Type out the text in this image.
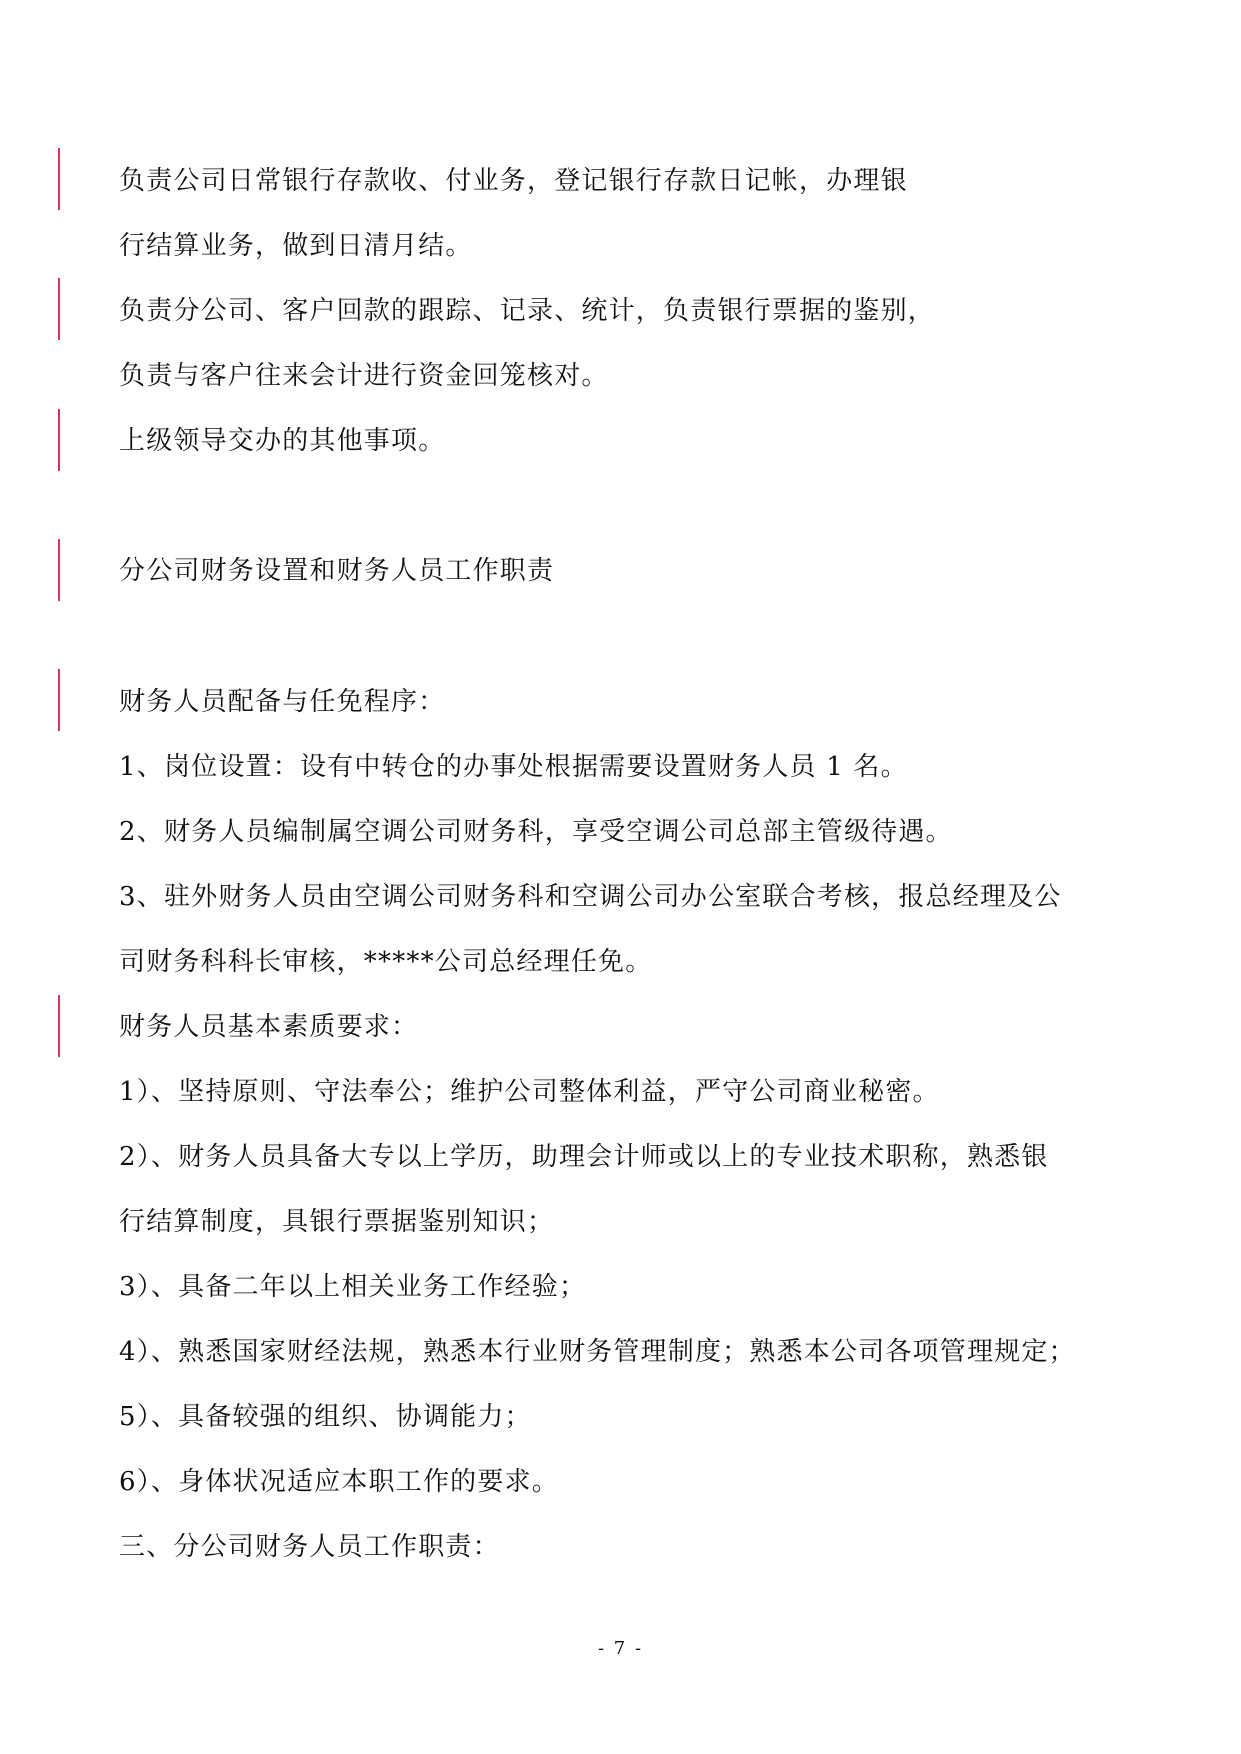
负责公司日常银行存款收、付业务，登记银行存款日记帐，办理银
行结算业务，做到日清月结。
负责分公司、客户回款的跟踪、记录、统计，负责银行票据的鉴别，
负责与客户往来会计进行资金回笼核对。
上级领导交办的其他事项。
分公司财务设置和财务人员工作职责
财务人员配备与任免程序：
1、岗位设置：设有中转仓的办事处根据需要设置财务人员 1 名。
2、财务人员编制属空调公司财务科，享受空调公司总部主管级待遇。
3、驻外财务人员由空调公司财务科和空调公司办公室联合考核，报总经理及公
司财务科科长审核，*****公司总经理任免。
财务人员基本素质要求：
1）、坚持原则、守法奉公；维护公司整体利益，严守公司商业秘密。
2）、财务人员具备大专以上学历，助理会计师或以上的专业技术职称，熟悉银
行结算制度，具银行票据鉴别知识；
3）、具备二年以上相关业务工作经验；
4）、熟悉国家财经法规，熟悉本行业财务管理制度；熟悉本公司各项管理规定；
5）、具备较强的组织、协调能力；
6）、身体状况适应本职工作的要求。
三、分公司财务人员工作职责：
- 7 -
